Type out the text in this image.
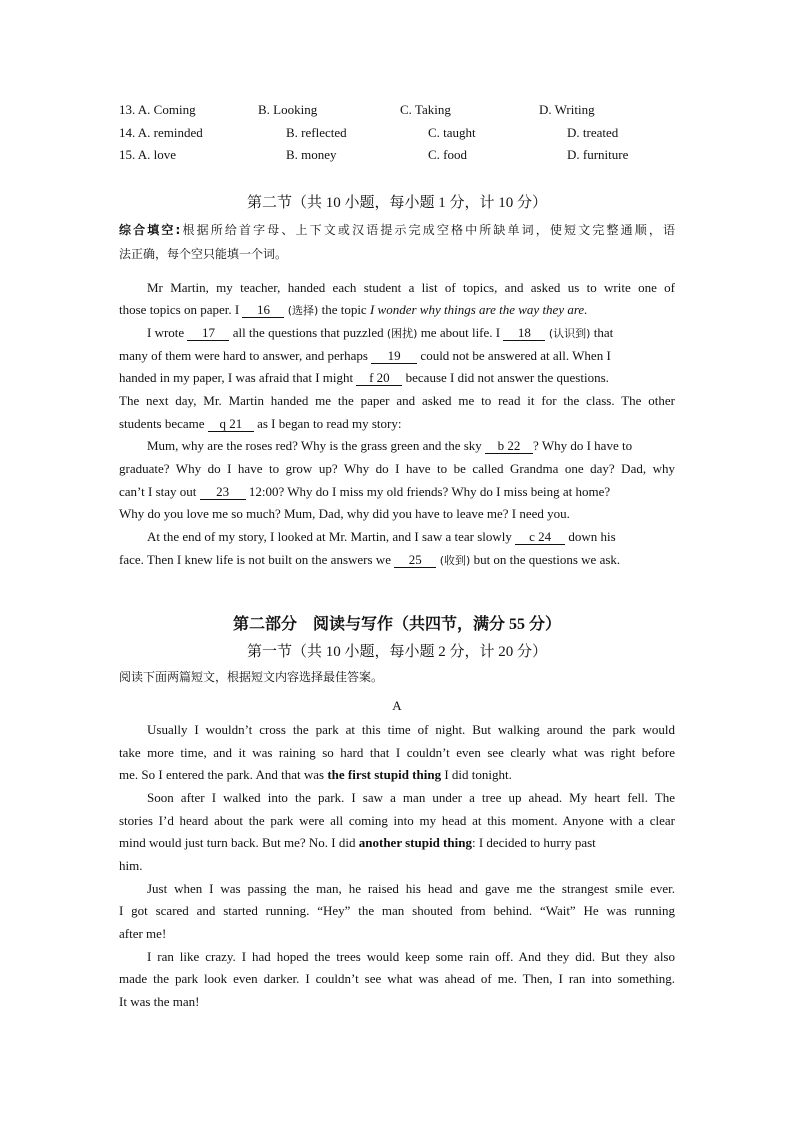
13. A. Coming	B. Looking	C. Taking	D. Writing
14. A. reminded	B. reflected	C. taught	D. treated
15. A. love	B. money	C. food	D. furniture
第二节（共 10 小题，每小题 1 分，计 10 分）
综合填空:根据所给首字母、上下文或汉语提示完成空格中所缺单词，使短文完整通顺，语
法正确，每个空只能填一个词。
Mr Martin, my teacher, handed each student a list of topics, and asked us to write one of
those topics on paper. I 16 (选择) the topic I wonder why things are the way they are.
I wrote 17 all the questions that puzzled (困扰) me about life. I 18 (认识到) that
many of them were hard to answer, and perhaps 19 could not be answered at all. When I
handed in my paper, I was afraid that I might f 20 because I did not answer the questions.
The next day, Mr. Martin handed me the paper and asked me to read it for the class. The other
students became q 21 as I began to read my story:
Mum, why are the roses red? Why is the grass green and the sky b 22 ? Why do I have to
graduate? Why do I have to grow up? Why do I have to be called Grandma one day? Dad, why
can’t I stay out 23 12:00? Why do I miss my old friends? Why do I miss being at home?
Why do you love me so much? Mum, Dad, why did you have to leave me? I need you.
At the end of my story, I looked at Mr. Martin, and I saw a tear slowly c 24 down his
face. Then I knew life is not built on the answers we 25 (收到) but on the questions we ask.
第二部分　阅读与写作（共四节，满分 55 分）
第一节（共 10 小题，每小题 2 分，计 20 分）
阅读下面两篇短文，根据短文内容选择最佳答案。
A
Usually I wouldn’t cross the park at this time of night. But walking around the park would
take more time, and it was raining so hard that I couldn’t even see clearly what was right before
me. So I entered the park. And that was the first stupid thing I did tonight.
Soon after I walked into the park. I saw a man under a tree up ahead. My heart fell. The
stories I’d heard about the park were all coming into my head at this moment. Anyone with a clear
mind would just turn back. But me? No. I did another stupid thing: I decided to hurry past
him.
Just when I was passing the man, he raised his head and gave me the strangest smile ever.
I got scared and started running. “Hey” the man shouted from behind. “Wait” He was running
after me!
I ran like crazy. I had hoped the trees would keep some rain off. And they did. But they also
made the park look even darker. I couldn’t see what was ahead of me. Then, I ran into something.
It was the man!
